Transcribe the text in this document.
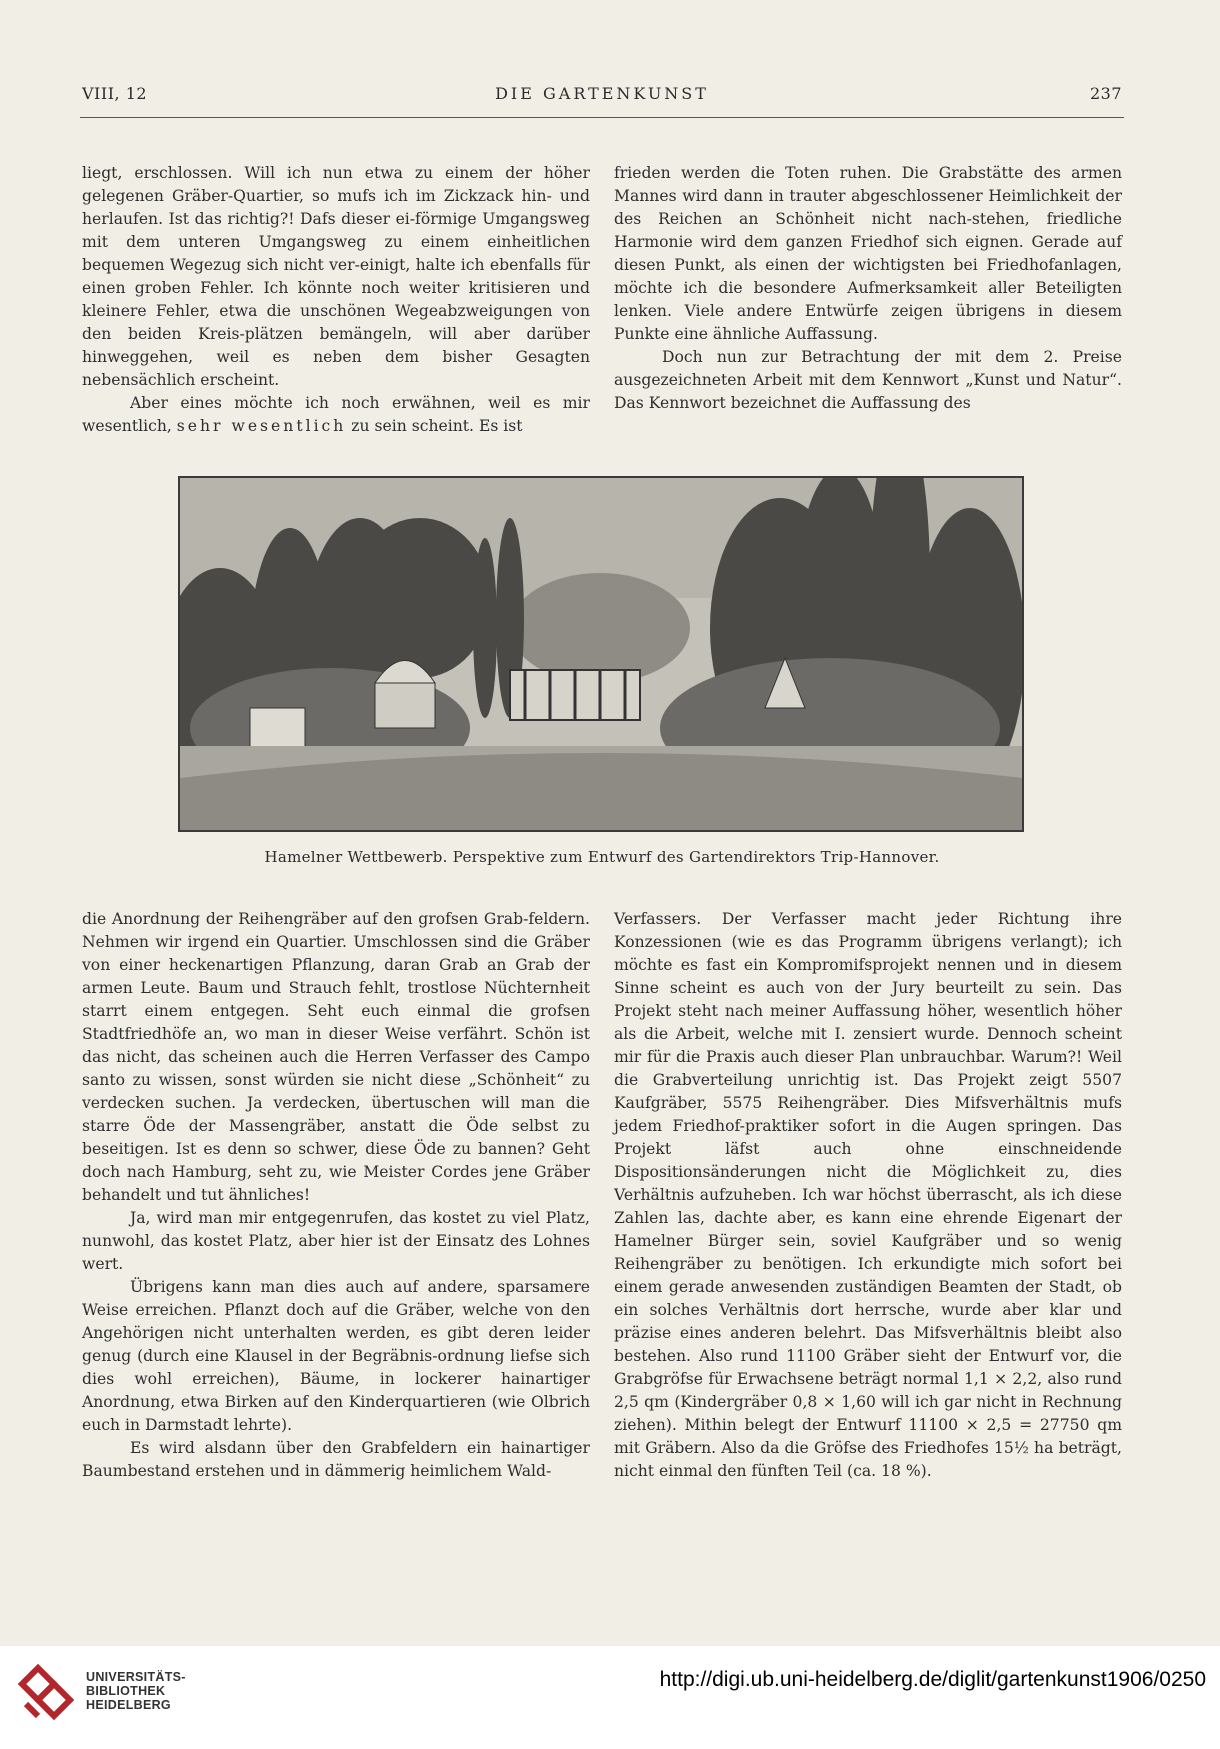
VIII, 12	DIE GARTENKUNST	237

liegt, erschlossen. Will ich nun etwa zu einem der höher gelegenen Gräber-Quartier, so mufs ich im Zickzack hin- und herlaufen. Ist das richtig?! Dafs dieser ei-förmige Umgangsweg mit dem unteren Umgangsweg zu einem einheitlichen bequemen Wegezug sich nicht ver-einigt, halte ich ebenfalls für einen groben Fehler. Ich könnte noch weiter kritisieren und kleinere Fehler, etwa die unschönen Wegeabzweigungen von den beiden Kreis-plätzen bemängeln, will aber darüber hinweggehen, weil es neben dem bisher Gesagten nebensächlich erscheint.

Aber eines möchte ich noch erwähnen, weil es mir wesentlich, sehr wesentlich zu sein scheint. Es ist

frieden werden die Toten ruhen. Die Grabstätte des armen Mannes wird dann in trauter abgeschlossener Heimlichkeit der des Reichen an Schönheit nicht nach-stehen, friedliche Harmonie wird dem ganzen Friedhof sich eignen. Gerade auf diesen Punkt, als einen der wichtigsten bei Friedhofanlagen, möchte ich die besondere Aufmerksamkeit aller Beteiligten lenken. Viele andere Entwürfe zeigen übrigens in diesem Punkte eine ähnliche Auffassung.

Doch nun zur Betrachtung der mit dem 2. Preise ausgezeichneten Arbeit mit dem Kennwort „Kunst und Natur“. Das Kennwort bezeichnet die Auffassung des

Hamelner Wettbewerb. Perspektive zum Entwurf des Gartendirektors Trip-Hannover.

die Anordnung der Reihengräber auf den grofsen Grab-feldern. Nehmen wir irgend ein Quartier. Umschlossen sind die Gräber von einer heckenartigen Pflanzung, daran Grab an Grab der armen Leute. Baum und Strauch fehlt, trostlose Nüchternheit starrt einem entgegen. Seht euch einmal die grofsen Stadtfriedhöfe an, wo man in dieser Weise verfährt. Schön ist das nicht, das scheinen auch die Herren Verfasser des Campo santo zu wissen, sonst würden sie nicht diese „Schönheit“ zu verdecken suchen. Ja verdecken, übertuschen will man die starre Öde der Massengräber, anstatt die Öde selbst zu beseitigen. Ist es denn so schwer, diese Öde zu bannen? Geht doch nach Hamburg, seht zu, wie Meister Cordes jene Gräber behandelt und tut ähnliches!

Ja, wird man mir entgegenrufen, das kostet zu viel Platz, nunwohl, das kostet Platz, aber hier ist der Einsatz des Lohnes wert.

Übrigens kann man dies auch auf andere, sparsamere Weise erreichen. Pflanzt doch auf die Gräber, welche von den Angehörigen nicht unterhalten werden, es gibt deren leider genug (durch eine Klausel in der Begräbnis-ordnung liefse sich dies wohl erreichen), Bäume, in lockerer hainartiger Anordnung, etwa Birken auf den Kinderquartieren (wie Olbrich euch in Darmstadt lehrte).

Es wird alsdann über den Grabfeldern ein hainartiger Baumbestand erstehen und in dämmerig heimlichem Wald-

Verfassers. Der Verfasser macht jeder Richtung ihre Konzessionen (wie es das Programm übrigens verlangt); ich möchte es fast ein Kompromifsprojekt nennen und in diesem Sinne scheint es auch von der Jury beurteilt zu sein. Das Projekt steht nach meiner Auffassung höher, wesentlich höher als die Arbeit, welche mit I. zensiert wurde. Dennoch scheint mir für die Praxis auch dieser Plan unbrauchbar. Warum?! Weil die Grabverteilung unrichtig ist. Das Projekt zeigt 5507 Kaufgräber, 5575 Reihengräber. Dies Mifsverhältnis mufs jedem Friedhof-praktiker sofort in die Augen springen. Das Projekt läfst auch ohne einschneidende Dispositionsänderungen nicht die Möglichkeit zu, dies Verhältnis aufzuheben. Ich war höchst überrascht, als ich diese Zahlen las, dachte aber, es kann eine ehrende Eigenart der Hamelner Bürger sein, soviel Kaufgräber und so wenig Reihengräber zu benötigen. Ich erkundigte mich sofort bei einem gerade anwesenden zuständigen Beamten der Stadt, ob ein solches Verhältnis dort herrsche, wurde aber klar und präzise eines anderen belehrt. Das Mifsverhältnis bleibt also bestehen. Also rund 11100 Gräber sieht der Entwurf vor, die Grabgröfse für Erwachsene beträgt normal 1,1 × 2,2, also rund 2,5 qm (Kindergräber 0,8 × 1,60 will ich gar nicht in Rechnung ziehen). Mithin belegt der Entwurf 11100 × 2,5 = 27750 qm mit Gräbern. Also da die Gröfse des Friedhofes 15½ ha beträgt, nicht einmal den fünften Teil (ca. 18 %).

UNIVERSITÄTS-
BIBLIOTHEK
HEIDELBERG
http://digi.ub.uni-heidelberg.de/diglit/gartenkunst1906/0250
